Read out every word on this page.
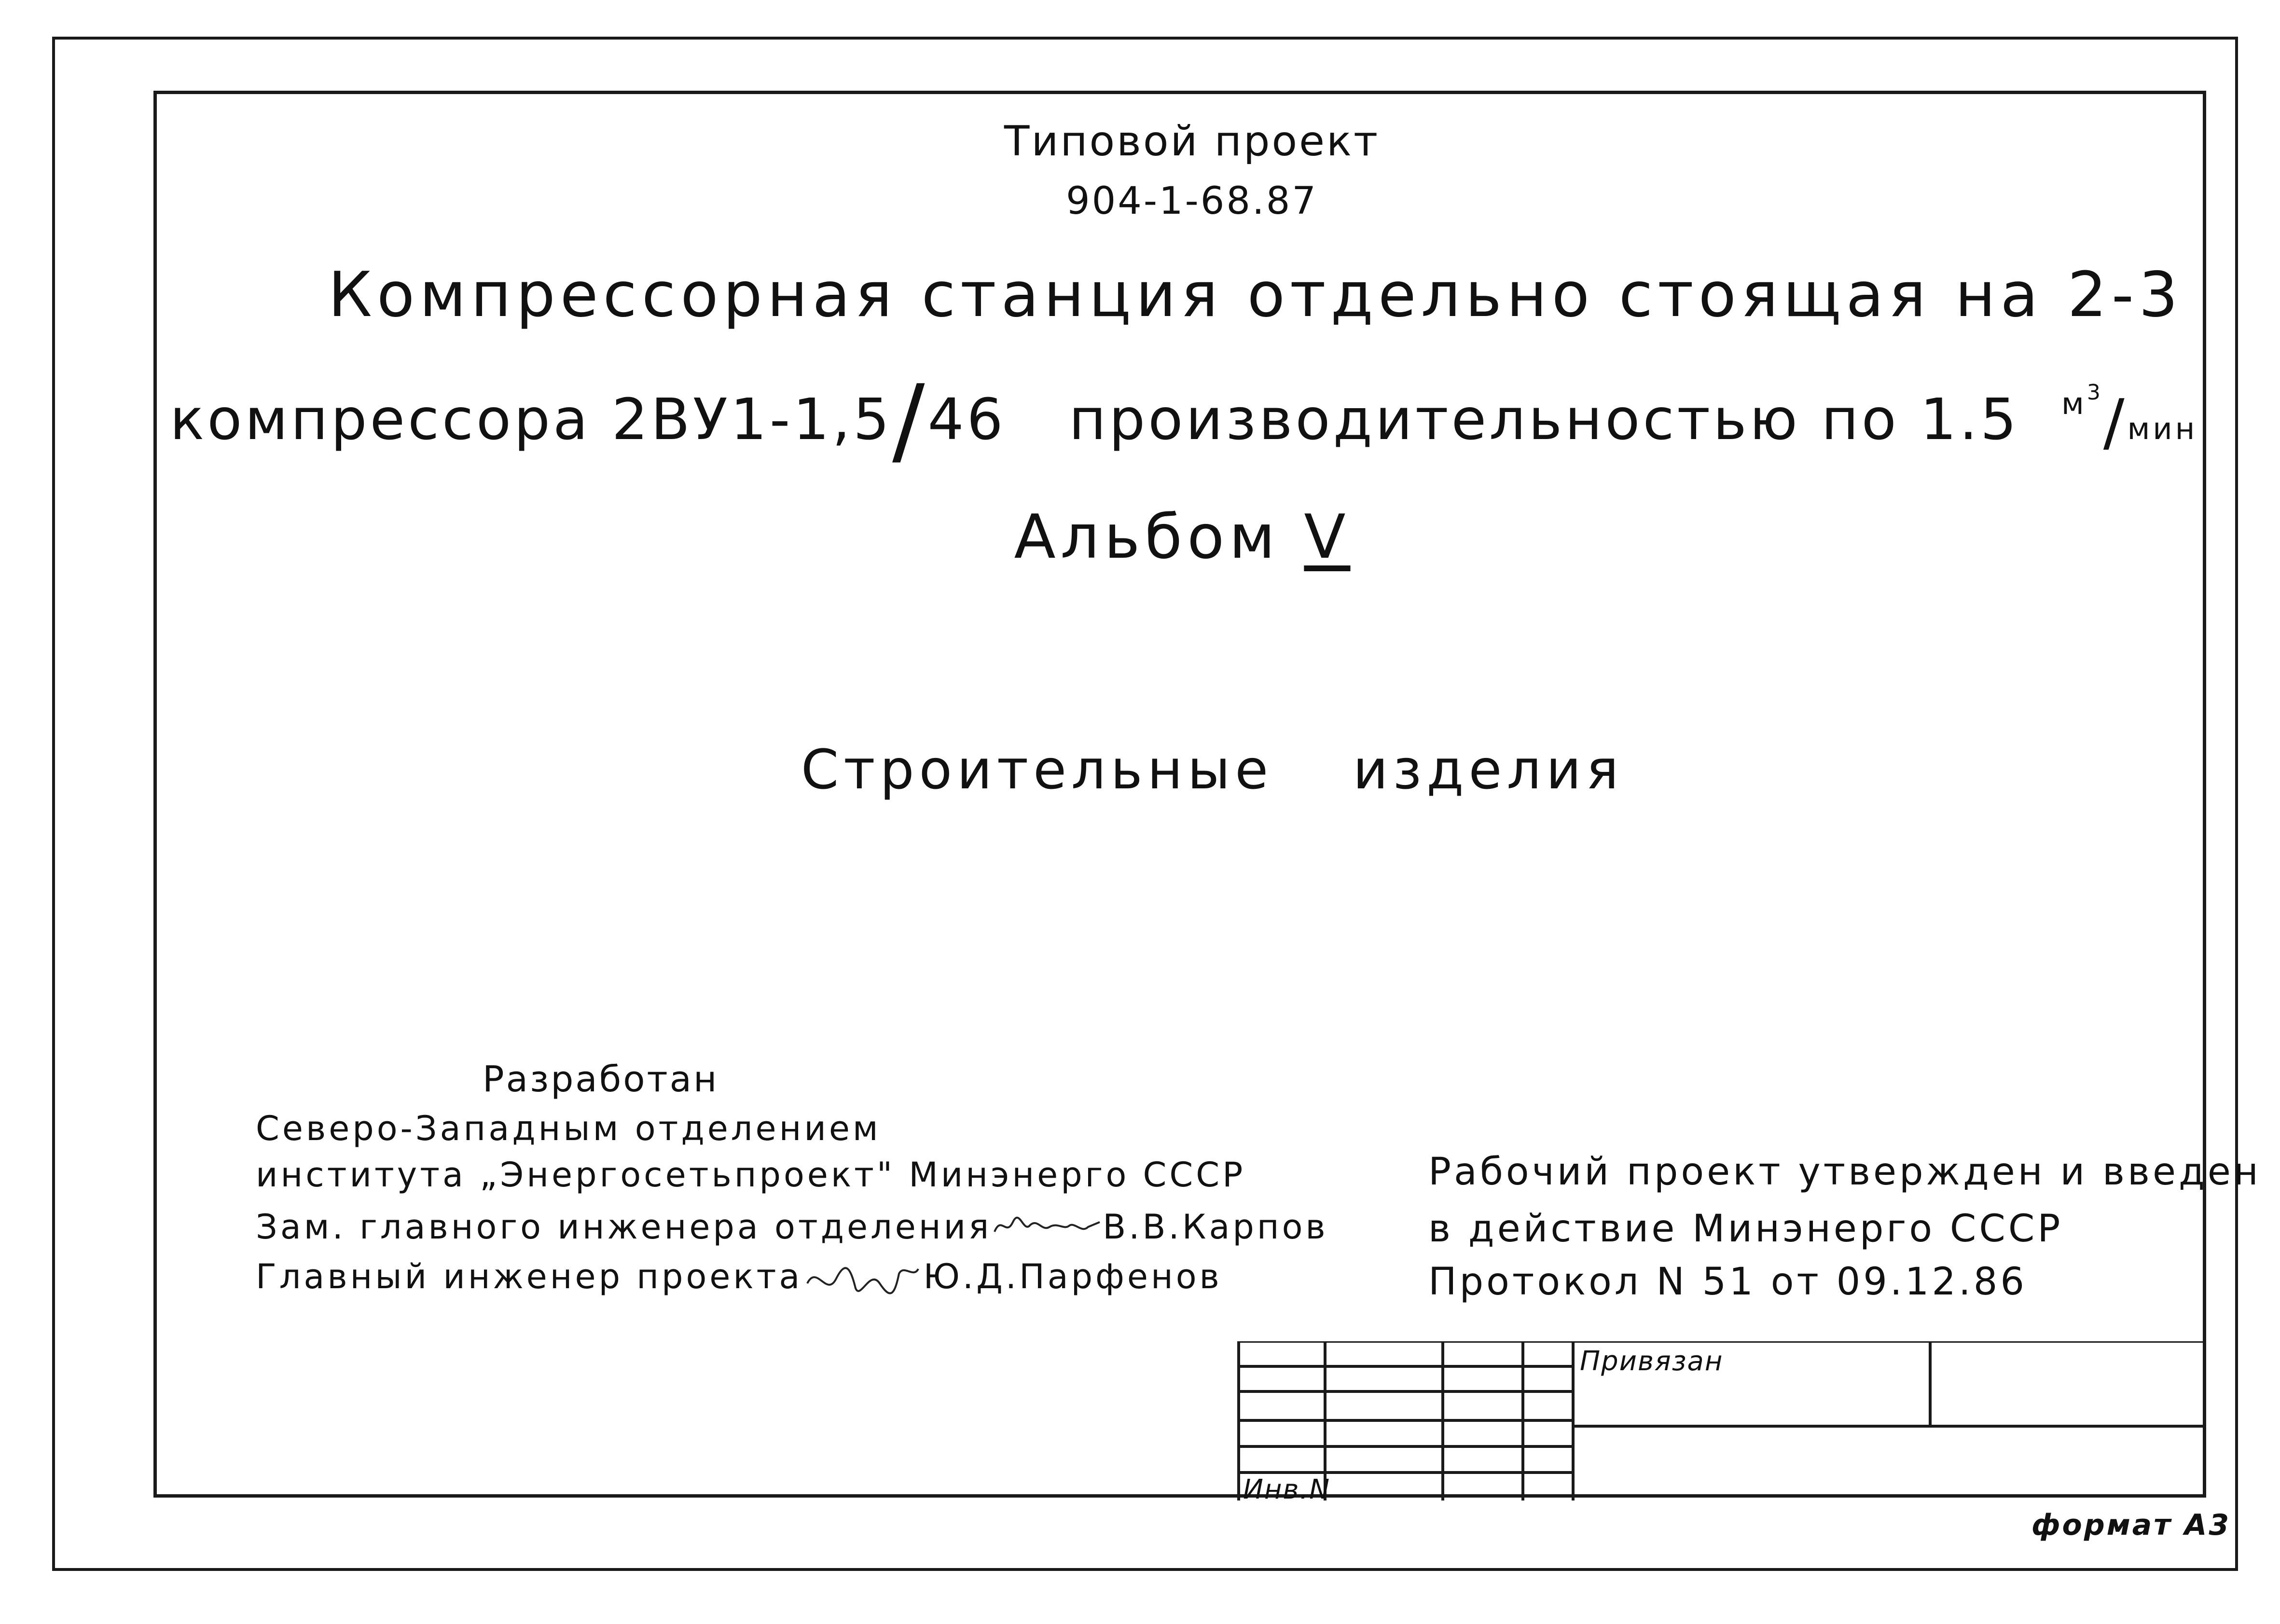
Типовой проект
904-1-68.87
Компрессорная станция отдельно стоящая на 2-3
компрессора 2ВУ1-1,5/46 производительностью по 1.5 $^{м^3}$/мин
Альбом V
Строительные изделия
Разработан
Северо-Западным отделением
института „Энергосетьпроект" Минэнерго СССР
Зам. главного инженера отделения	В.В.Карпов
Главный инженер проекта	Ю.Д.Парфенов
Рабочий проект утвержден и введен
в действие Минэнерго СССР
Протокол N 51 от 09.12.86
Привязан
Инв.N
формат А3
